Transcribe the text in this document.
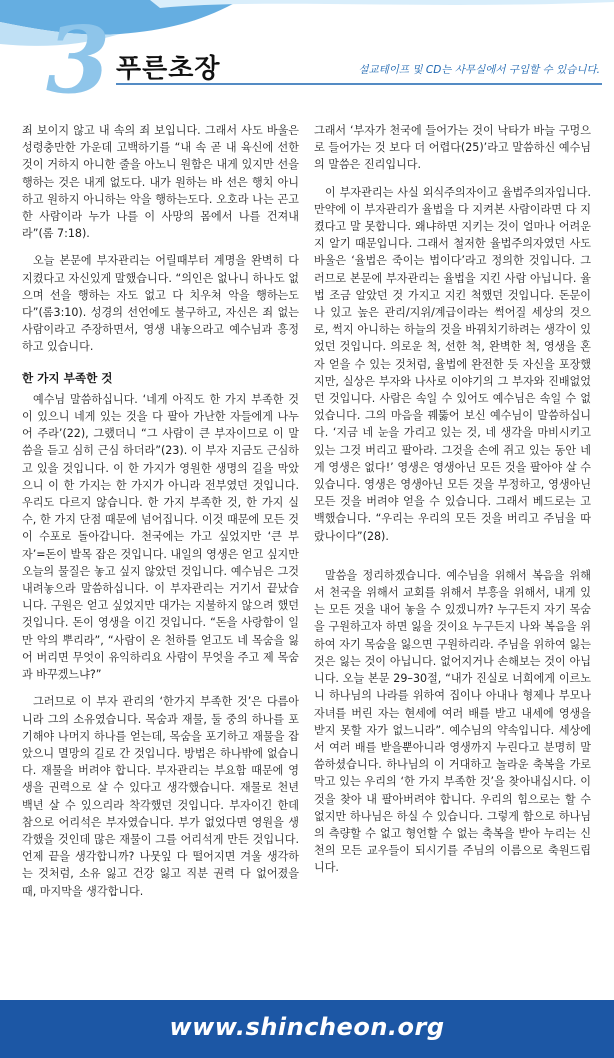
3 푸른초장	설교테이프 및 CD는 사무실에서 구입할 수 있습니다.

죄 보이지 않고 내 속의 죄 보입니다. 그래서 사도 바울은 성령충만한 가운데 고백하기를 “내 속 곧 내 육신에 선한 것이 거하지 아니한 줄을 아노니 원함은 내게 있지만 선을 행하는 것은 내게 없도다. 내가 원하는 바 선은 행치 아니하고 원하지 아니하는 악을 행하는도다. 오호라 나는 곤고한 사람이라 누가 나를 이 사망의 몸에서 나를 건져내라”(롬 7:18).

오늘 본문에 부자관리는 어릴때부터 계명을 완벽히 다 지켰다고 자신있게 말했습니다. “의인은 없나니 하나도 없으며 선을 행하는 자도 없고 다 치우쳐 악을 행하는도다”(롬3:10). 성경의 선언에도 불구하고, 자신은 죄 없는 사람이라고 주장하면서, 영생 내놓으라고 예수님과 흥정하고 있습니다.

한 가지 부족한 것

예수님 말씀하십니다. ‘네게 아직도 한 가지 부족한 것이 있으니 네게 있는 것을 다 팔아 가난한 자들에게 나누어 주라’(22), 그랬더니 “그 사람이 큰 부자이므로 이 말씀을 듣고 심히 근심 하더라”(23). 이 부자 지금도 근심하고 있을 것입니다. 이 한 가지가 영원한 생명의 길을 막았으니 이 한 가지는 한 가지가 아니라 전부였던 것입니다. 우리도 다르지 않습니다. 한 가지 부족한 것, 한 가지 실수, 한 가지 단점 때문에 넘어집니다. 이것 때문에 모든 것이 수포로 돌아갑니다. 천국에는 가고 싶었지만 ‘큰 부자’=돈이 발목 잡은 것입니다. 내일의 영생은 얻고 싶지만 오늘의 물질은 놓고 싶지 않았던 것입니다. 예수님은 그것 내려놓으라 말씀하십니다. 이 부자관리는 거기서 끝났습니다. 구원은 얻고 싶었지만 대가는 지불하지 않으려 했던 것입니다. 돈이 영생을 이긴 것입니다. “돈을 사랑함이 일만 악의 뿌리라”, “사람이 온 천하를 얻고도 네 목숨을 잃어 버리면 무엇이 유익하리요 사람이 무엇을 주고 제 목숨과 바꾸겠느냐?”

그러므로 이 부자 관리의 ‘한가지 부족한 것’은 다름아니라 그의 소유였습니다. 목숨과 재물, 둘 중의 하나를 포기해야 나머지 하나를 얻는데, 목숨을 포기하고 재물을 잡았으니 멸망의 길로 간 것입니다. 방법은 하나밖에 없습니다. 재물을 버려야 합니다. 부자관리는 부요함 때문에 영생을 권력으로 살 수 있다고 생각했습니다. 재물로 천년 백년 살 수 있으리라 착각했던 것입니다. 부자이긴 한데 참으로 어리석은 부자였습니다. 부가 없었다면 영원을 생각했을 것인데 많은 재물이 그를 어리석게 만든 것입니다. 언제 끝을 생각합니까? 나뭇잎 다 떨어지면 겨울 생각하는 것처럼, 소유 잃고 건강 잃고 직분 권력 다 없어졌을 때, 마지막을 생각합니다.

그래서 ‘부자가 천국에 들어가는 것이 낙타가 바늘 구멍으로 들어가는 것 보다 더 어렵다(25)’라고 말씀하신 예수님의 말씀은 진리입니다.

이 부자관리는 사실 외식주의자이고 율법주의자입니다. 만약에 이 부자관리가 율법을 다 지켜본 사람이라면 다 지켰다고 말 못합니다. 왜냐하면 지키는 것이 얼마나 어려운지 알기 때문입니다. 그래서 철저한 율법주의자였던 사도바울은 ‘율법은 죽이는 법이다’라고 정의한 것입니다. 그러므로 본문에 부자관리는 율법을 지킨 사람 아닙니다. 율법 조금 알았던 것 가지고 지킨 척했던 것입니다. 돈문이 나 있고 높은 관리/지위/계급이라는 썩어질 세상의 것으로, 썩지 아니하는 하늘의 것을 바꿔치기하려는 생각이 있었던 것입니다. 의로운 척, 선한 척, 완벽한 척, 영생을 혼자 얻을 수 있는 것처럼, 율법에 완전한 듯 자신을 포장했지만, 실상은 부자와 나사로 이야기의 그 부자와 진배없었던 것입니다. 사람은 속일 수 있어도 예수님은 속일 수 없었습니다. 그의 마음을 꿰뚫어 보신 예수님이 말씀하십니다. ‘지금 네 눈을 가리고 있는 것, 네 생각을 마비시키고 있는 그것 버리고 팔아라. 그것을 손에 쥐고 있는 동안 네게 영생은 없다!’ 영생은 영생아닌 모든 것을 팔아야 살 수 있습니다. 영생은 영생아닌 모든 것을 부정하고, 영생아닌 모든 것을 버려야 얻을 수 있습니다. 그래서 베드로는 고백했습니다. “우리는 우리의 모든 것을 버리고 주님을 따랐나이다”(28).

말씀을 정리하겠습니다. 예수님을 위해서 복음을 위해서 천국을 위해서 교회를 위해서 부흥을 위해서, 내게 있는 모든 것을 내어 놓을 수 있겠니까? 누구든지 자기 목숨을 구원하고자 하면 잃을 것이요 누구든지 나와 복음을 위하여 자기 목숨을 잃으면 구원하리라. 주님을 위하여 잃는 것은 잃는 것이 아닙니다. 없어지거나 손해보는 것이 아닙니다. 오늘 본문 29–30절, “내가 진실로 너희에게 이르노니 하나님의 나라를 위하여 집이나 아내나 형제나 부모나 자녀를 버린 자는 현세에 여러 배를 받고 내세에 영생을 받지 못할 자가 없느니라”. 예수님의 약속입니다. 세상에서 여러 배를 받을뿐아니라 영생까지 누린다고 분명히 말씀하셨습니다. 하나님의 이 거대하고 놀라운 축복을 가로막고 있는 우리의 ‘한 가지 부족한 것’을 찾아내십시다. 이것을 찾아 내 팔아버려야 합니다. 우리의 힘으로는 할 수 없지만 하나님은 하실 수 있습니다. 그렇게 함으로 하나님의 측량할 수 없고 형언할 수 없는 축복을 받아 누리는 신천의 모든 교우들이 되시기를 주님의 이름으로 축원드립니다.

www.shincheon.org
